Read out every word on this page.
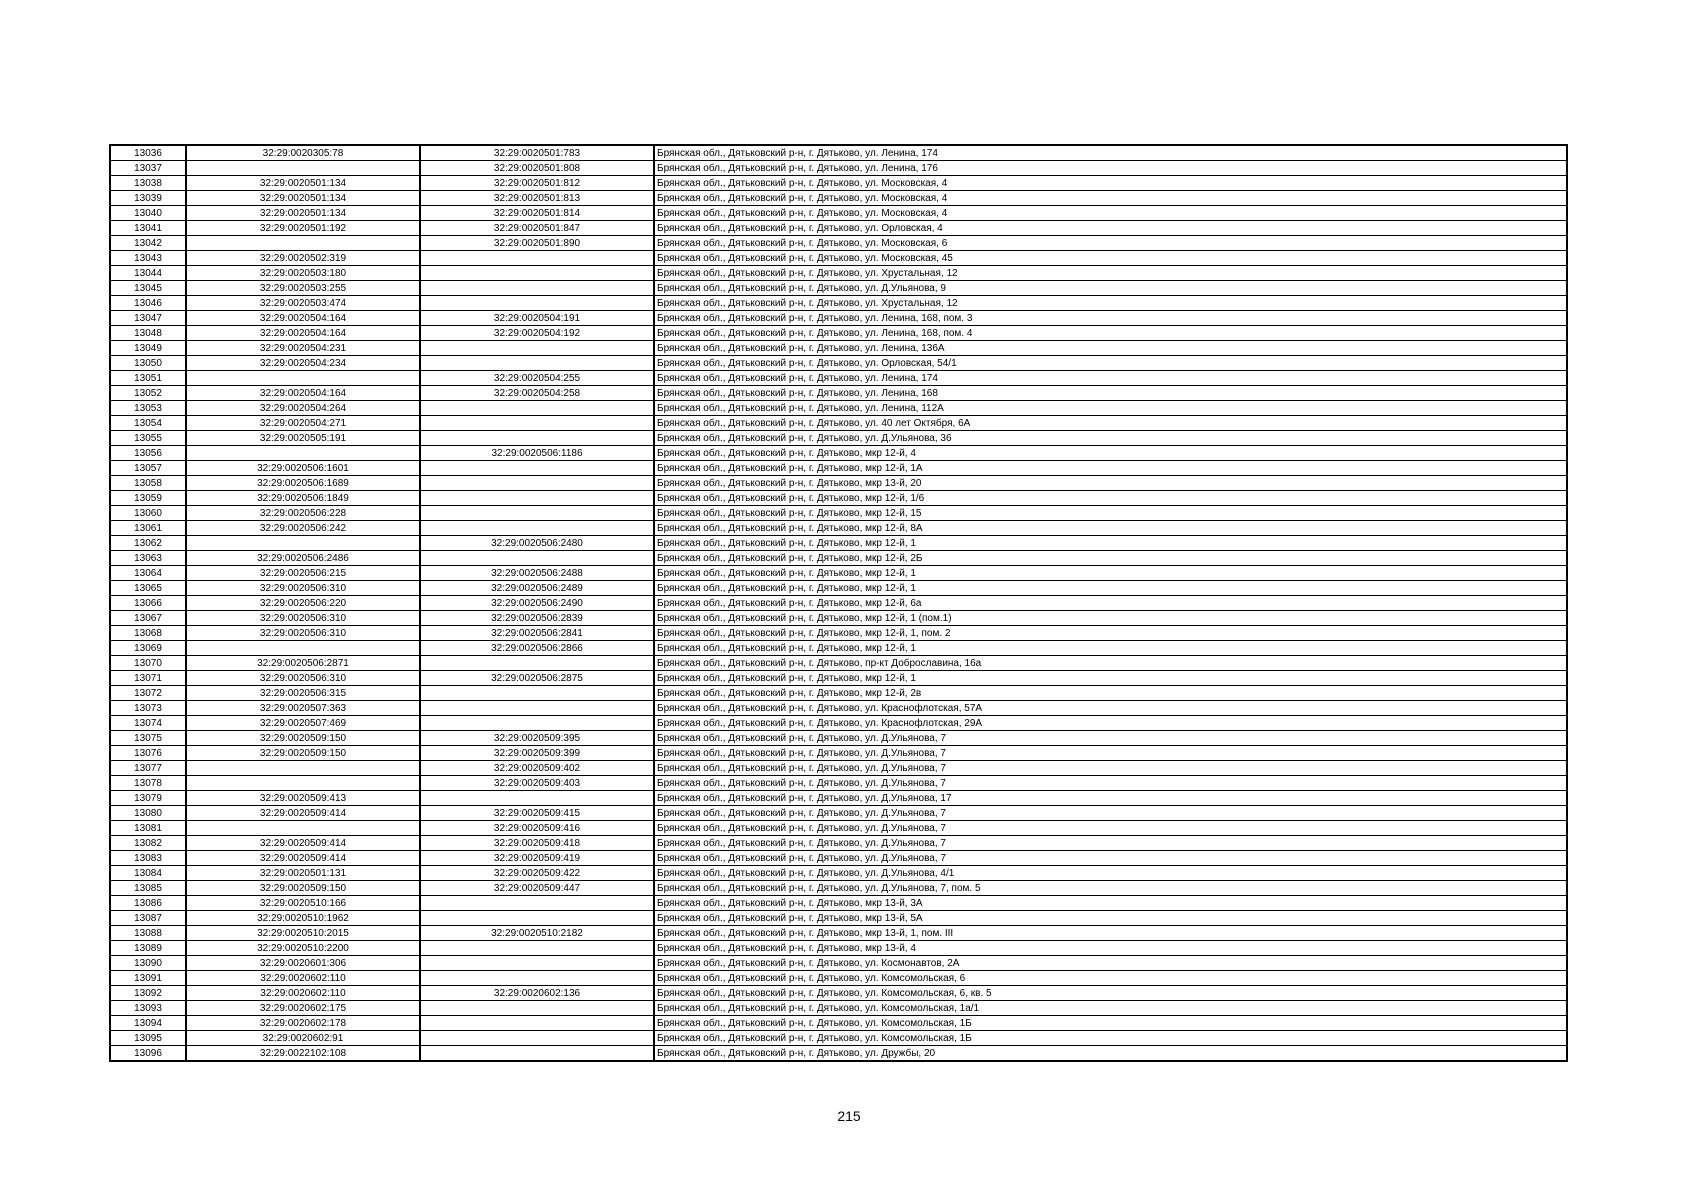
13036	32:29:0020305:78	32:29:0020501:783	Брянская обл., Дятьковский р-н, г. Дятьково, ул. Ленина, 174
13037		32:29:0020501:808	Брянская обл., Дятьковский р-н, г. Дятьково, ул. Ленина, 176
13038	32:29:0020501:134	32:29:0020501:812	Брянская обл., Дятьковский р-н, г. Дятьково, ул. Московская, 4
13039	32:29:0020501:134	32:29:0020501:813	Брянская обл., Дятьковский р-н, г. Дятьково, ул. Московская, 4
13040	32:29:0020501:134	32:29:0020501:814	Брянская обл., Дятьковский р-н, г. Дятьково, ул. Московская, 4
13041	32:29:0020501:192	32:29:0020501:847	Брянская обл., Дятьковский р-н, г. Дятьково, ул. Орловская, 4
13042		32:29:0020501:890	Брянская обл., Дятьковский р-н, г. Дятьково, ул. Московская, 6
13043	32:29:0020502:319		Брянская обл., Дятьковский р-н, г. Дятьково, ул. Московская, 45
13044	32:29:0020503:180		Брянская обл., Дятьковский р-н, г. Дятьково, ул. Хрустальная, 12
13045	32:29:0020503:255		Брянская обл., Дятьковский р-н, г. Дятьково, ул. Д.Ульянова, 9
13046	32:29:0020503:474		Брянская обл., Дятьковский р-н, г. Дятьково, ул. Хрустальная, 12
13047	32:29:0020504:164	32:29:0020504:191	Брянская обл., Дятьковский р-н, г. Дятьково, ул. Ленина, 168, пом. 3
13048	32:29:0020504:164	32:29:0020504:192	Брянская обл., Дятьковский р-н, г. Дятьково, ул. Ленина, 168, пом. 4
13049	32:29:0020504:231		Брянская обл., Дятьковский р-н, г. Дятьково, ул. Ленина, 136А
13050	32:29:0020504:234		Брянская обл., Дятьковский р-н, г. Дятьково, ул. Орловская, 54/1
13051		32:29:0020504:255	Брянская обл., Дятьковский р-н, г. Дятьково, ул. Ленина, 174
13052	32:29:0020504:164	32:29:0020504:258	Брянская обл., Дятьковский р-н, г. Дятьково, ул. Ленина, 168
13053	32:29:0020504:264		Брянская обл., Дятьковский р-н, г. Дятьково, ул. Ленина, 112А
13054	32:29:0020504:271		Брянская обл., Дятьковский р-н, г. Дятьково, ул. 40 лет Октября, 6А
13055	32:29:0020505:191		Брянская обл., Дятьковский р-н, г. Дятьково, ул. Д.Ульянова, 36
13056		32:29:0020506:1186	Брянская обл., Дятьковский р-н, г. Дятьково, мкр 12-й, 4
13057	32:29:0020506:1601		Брянская обл., Дятьковский р-н, г. Дятьково, мкр 12-й, 1А
13058	32:29:0020506:1689		Брянская обл., Дятьковский р-н, г. Дятьково, мкр 13-й, 20
13059	32:29:0020506:1849		Брянская обл., Дятьковский р-н, г. Дятьково, мкр 12-й, 1/6
13060	32:29:0020506:228		Брянская обл., Дятьковский р-н, г. Дятьково, мкр 12-й, 15
13061	32:29:0020506:242		Брянская обл., Дятьковский р-н, г. Дятьково, мкр 12-й, 8А
13062		32:29:0020506:2480	Брянская обл., Дятьковский р-н, г. Дятьково, мкр 12-й, 1
13063	32:29:0020506:2486		Брянская обл., Дятьковский р-н, г. Дятьково, мкр 12-й, 2Б
13064	32:29:0020506:215	32:29:0020506:2488	Брянская обл., Дятьковский р-н, г. Дятьково, мкр 12-й, 1
13065	32:29:0020506:310	32:29:0020506:2489	Брянская обл., Дятьковский р-н, г. Дятьково, мкр 12-й, 1
13066	32:29:0020506:220	32:29:0020506:2490	Брянская обл., Дятьковский р-н, г. Дятьково, мкр 12-й, 6а
13067	32:29:0020506:310	32:29:0020506:2839	Брянская обл., Дятьковский р-н, г. Дятьково, мкр 12-й, 1 (пом.1)
13068	32:29:0020506:310	32:29:0020506:2841	Брянская обл., Дятьковский р-н, г. Дятьково, мкр 12-й, 1, пом. 2
13069		32:29:0020506:2866	Брянская обл., Дятьковский р-н, г. Дятьково, мкр 12-й, 1
13070	32:29:0020506:2871		Брянская обл., Дятьковский р-н, г. Дятьково, пр-кт Доброславина, 16а
13071	32:29:0020506:310	32:29:0020506:2875	Брянская обл., Дятьковский р-н, г. Дятьково, мкр 12-й, 1
13072	32:29:0020506:315		Брянская обл., Дятьковский р-н, г. Дятьково, мкр 12-й, 2в
13073	32:29:0020507:363		Брянская обл., Дятьковский р-н, г. Дятьково, ул. Краснофлотская, 57А
13074	32:29:0020507:469		Брянская обл., Дятьковский р-н, г. Дятьково, ул. Краснофлотская, 29А
13075	32:29:0020509:150	32:29:0020509:395	Брянская обл., Дятьковский р-н, г. Дятьково, ул. Д.Ульянова, 7
13076	32:29:0020509:150	32:29:0020509:399	Брянская обл., Дятьковский р-н, г. Дятьково, ул. Д.Ульянова, 7
13077		32:29:0020509:402	Брянская обл., Дятьковский р-н, г. Дятьково, ул. Д.Ульянова, 7
13078		32:29:0020509:403	Брянская обл., Дятьковский р-н, г. Дятьково, ул. Д.Ульянова, 7
13079	32:29:0020509:413		Брянская обл., Дятьковский р-н, г. Дятьково, ул. Д.Ульянова, 17
13080	32:29:0020509:414	32:29:0020509:415	Брянская обл., Дятьковский р-н, г. Дятьково, ул. Д.Ульянова, 7
13081		32:29:0020509:416	Брянская обл., Дятьковский р-н, г. Дятьково, ул. Д.Ульянова, 7
13082	32:29:0020509:414	32:29:0020509:418	Брянская обл., Дятьковский р-н, г. Дятьково, ул. Д.Ульянова, 7
13083	32:29:0020509:414	32:29:0020509:419	Брянская обл., Дятьковский р-н, г. Дятьково, ул. Д.Ульянова, 7
13084	32:29:0020501:131	32:29:0020509:422	Брянская обл., Дятьковский р-н, г. Дятьково, ул. Д.Ульянова, 4/1
13085	32:29:0020509:150	32:29:0020509:447	Брянская обл., Дятьковский р-н, г. Дятьково, ул. Д.Ульянова, 7, пом. 5
13086	32:29:0020510:166		Брянская обл., Дятьковский р-н, г. Дятьково, мкр 13-й, 3А
13087	32:29:0020510:1962		Брянская обл., Дятьковский р-н, г. Дятьково, мкр 13-й, 5А
13088	32:29:0020510:2015	32:29:0020510:2182	Брянская обл., Дятьковский р-н, г. Дятьково, мкр 13-й, 1, пом. III
13089	32:29:0020510:2200		Брянская обл., Дятьковский р-н, г. Дятьково, мкр 13-й, 4
13090	32:29:0020601:306		Брянская обл., Дятьковский р-н, г. Дятьково, ул. Космонавтов, 2А
13091	32:29:0020602:110		Брянская обл., Дятьковский р-н, г. Дятьково, ул. Комсомольская, 6
13092	32:29:0020602:110	32:29:0020602:136	Брянская обл., Дятьковский р-н, г. Дятьково, ул. Комсомольская, 6, кв. 5
13093	32:29:0020602:175		Брянская обл., Дятьковский р-н, г. Дятьково, ул. Комсомольская, 1а/1
13094	32:29:0020602:178		Брянская обл., Дятьковский р-н, г. Дятьково, ул. Комсомольская, 1Б
13095	32:29:0020602:91		Брянская обл., Дятьковский р-н, г. Дятьково, ул. Комсомольская, 1Б
13096	32:29:0022102:108		Брянская обл., Дятьковский р-н, г. Дятьково, ул. Дружбы, 20
215
